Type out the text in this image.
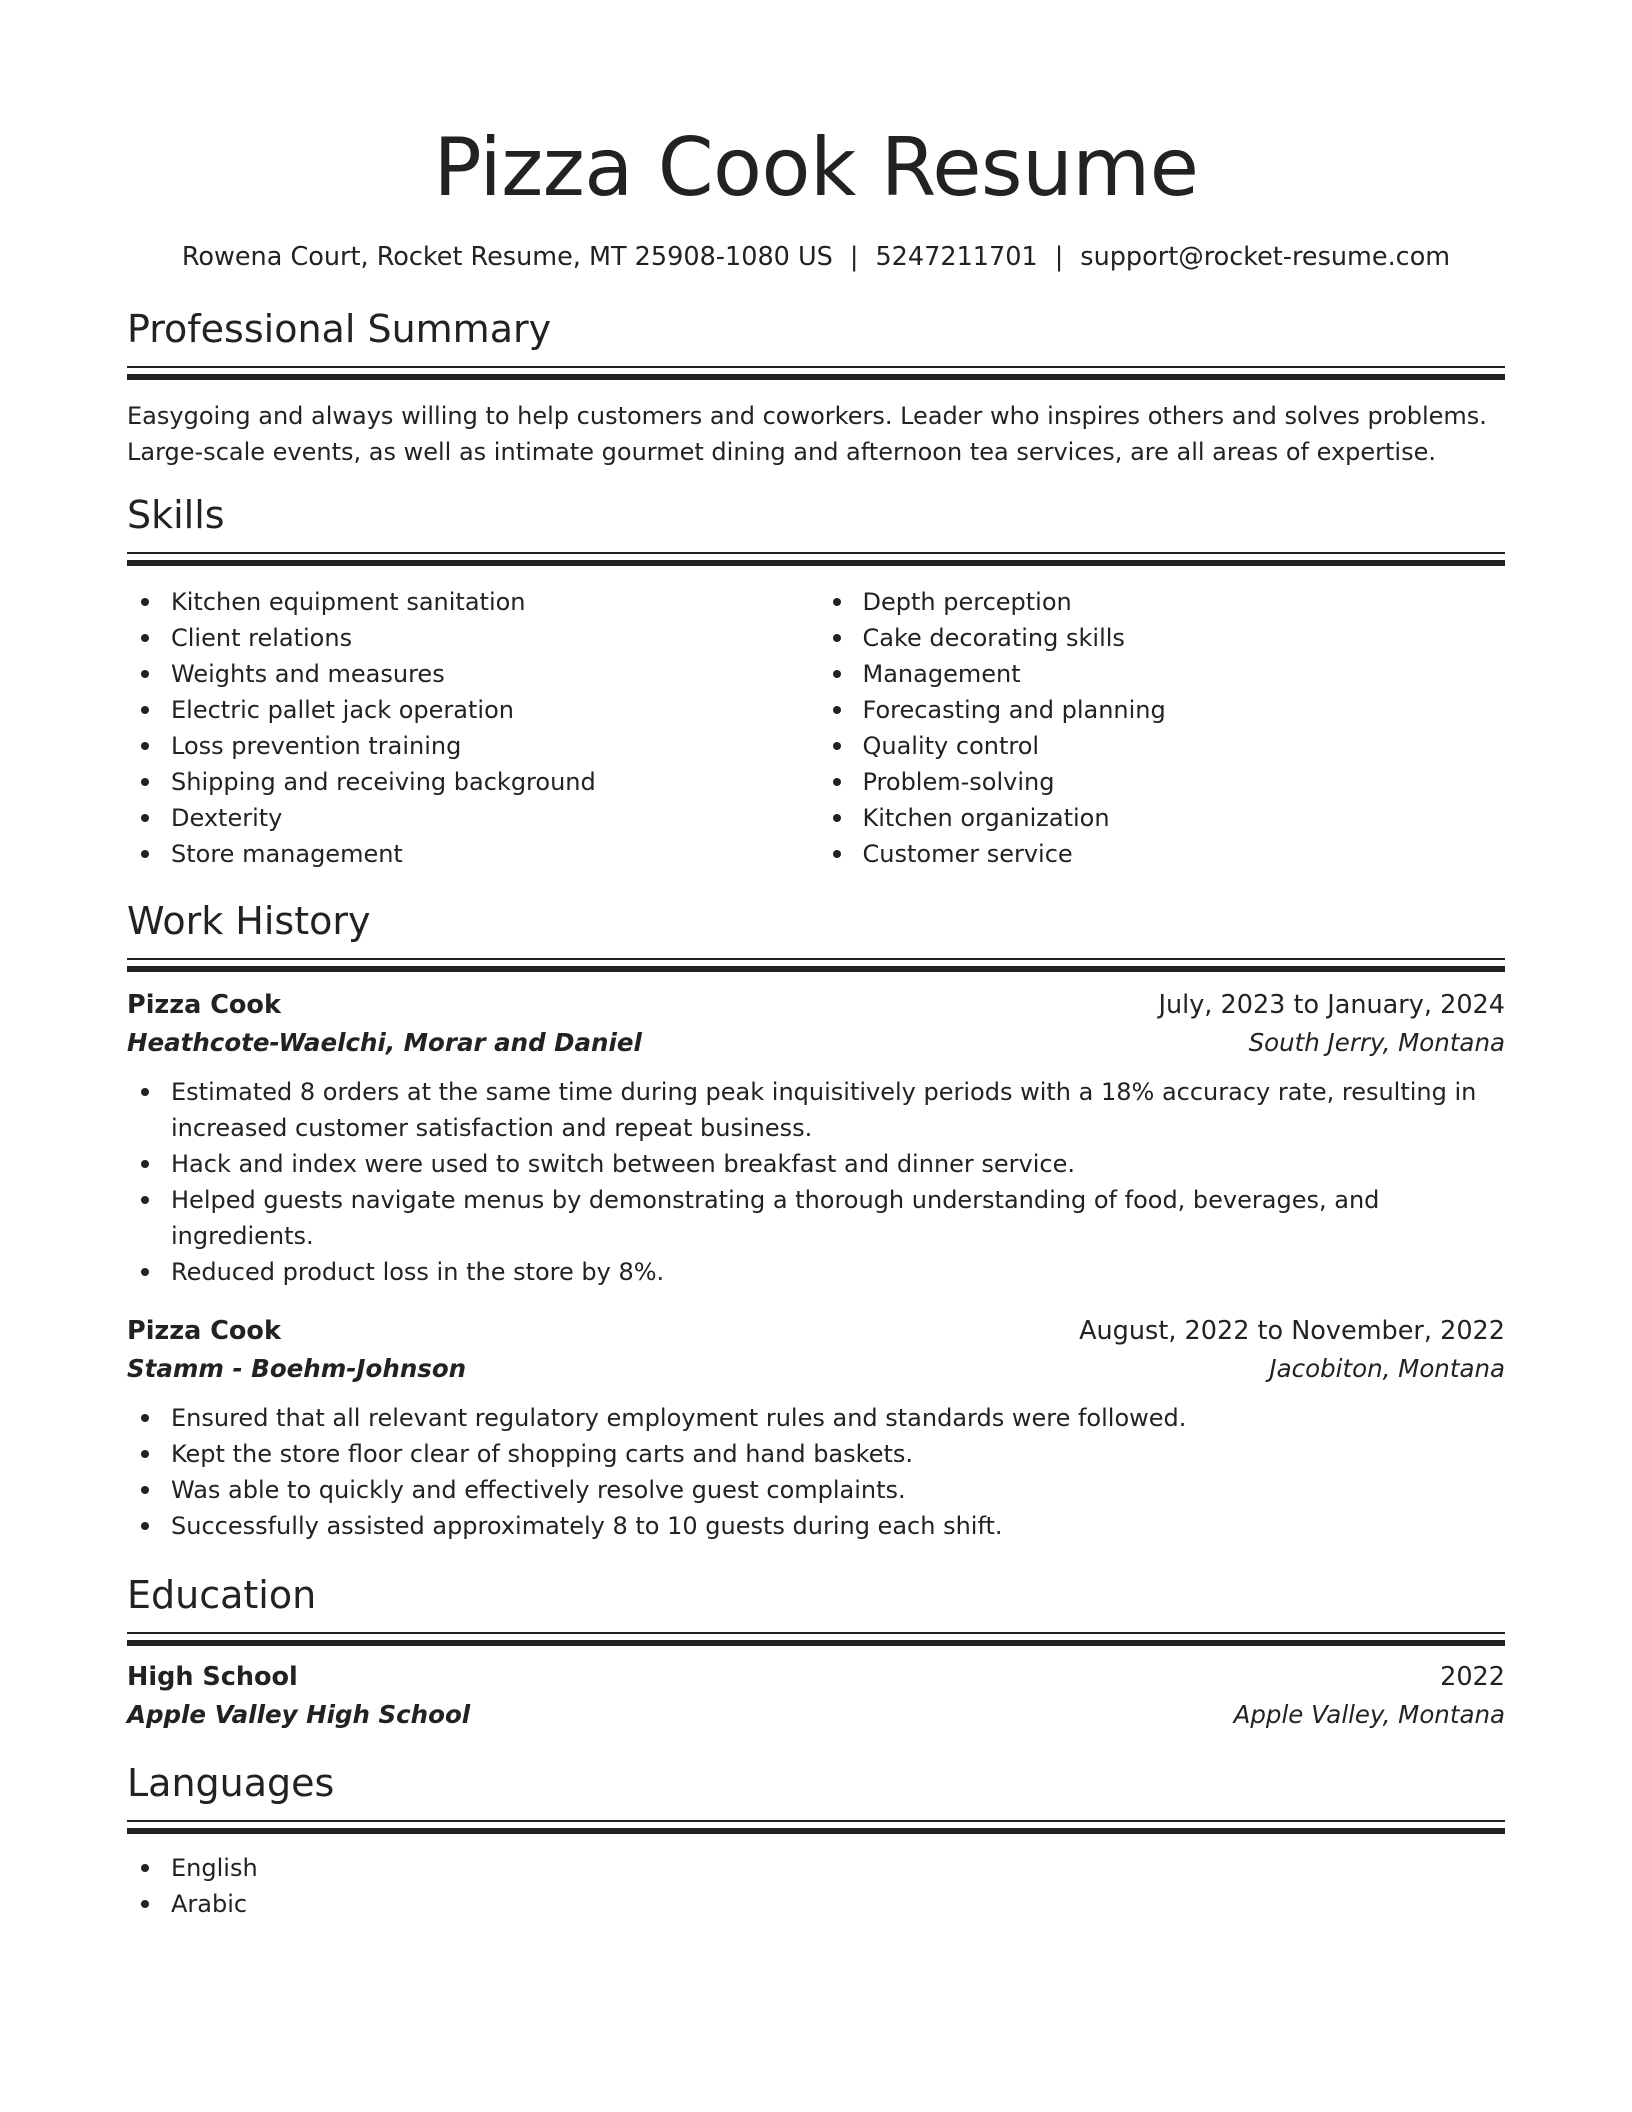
Pizza Cook Resume
Rowena Court, Rocket Resume, MT 25908-1080 US | 5247211701 | support@rocket-resume.com
Professional Summary
Easygoing and always willing to help customers and coworkers. Leader who inspires others and solves problems.
Large-scale events, as well as intimate gourmet dining and afternoon tea services, are all areas of expertise.
Skills
Kitchen equipment sanitation
Client relations
Weights and measures
Electric pallet jack operation
Loss prevention training
Shipping and receiving background
Dexterity
Store management
Depth perception
Cake decorating skills
Management
Forecasting and planning
Quality control
Problem-solving
Kitchen organization
Customer service
Work History
Pizza Cook	July, 2023 to January, 2024
Heathcote-Waelchi, Morar and Daniel	South Jerry, Montana
Estimated 8 orders at the same time during peak inquisitively periods with a 18% accuracy rate, resulting in increased customer satisfaction and repeat business.
Hack and index were used to switch between breakfast and dinner service.
Helped guests navigate menus by demonstrating a thorough understanding of food, beverages, and ingredients.
Reduced product loss in the store by 8%.
Pizza Cook	August, 2022 to November, 2022
Stamm - Boehm-Johnson	Jacobiton, Montana
Ensured that all relevant regulatory employment rules and standards were followed.
Kept the store floor clear of shopping carts and hand baskets.
Was able to quickly and effectively resolve guest complaints.
Successfully assisted approximately 8 to 10 guests during each shift.
Education
High School	2022
Apple Valley High School	Apple Valley, Montana
Languages
English
Arabic
